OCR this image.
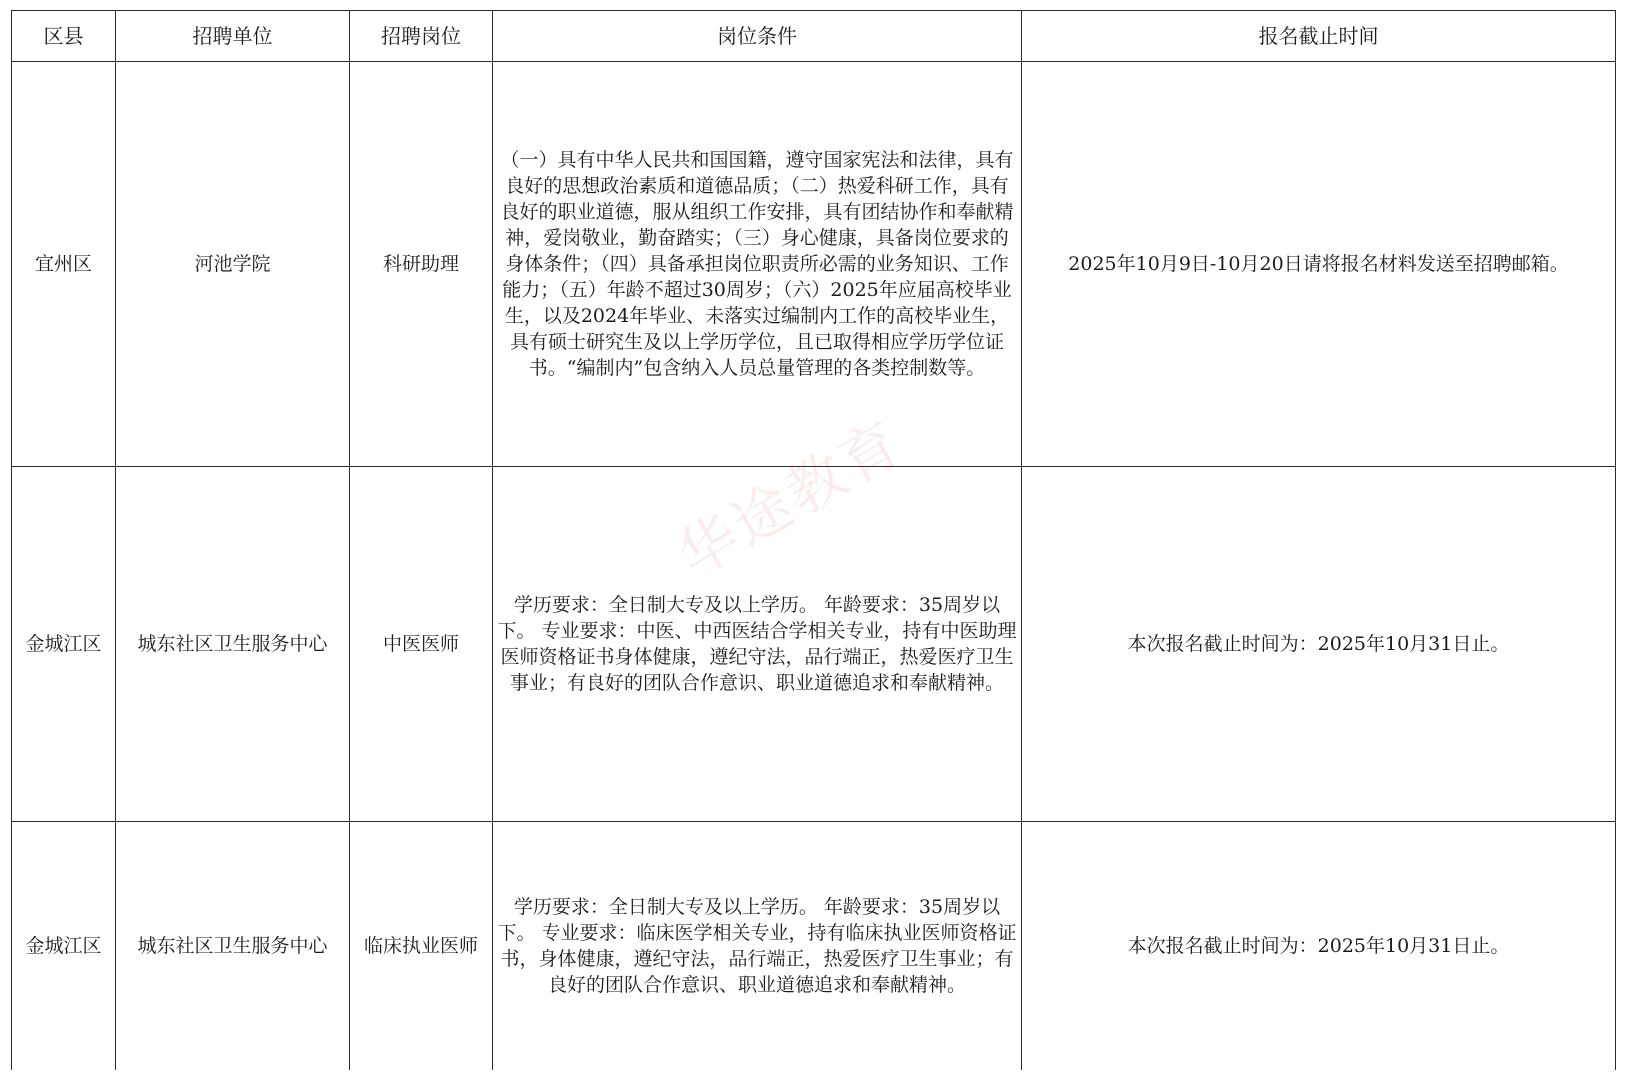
区县	招聘单位	招聘岗位	岗位条件	报名截止时间
宜州区	河池学院	科研助理	（一）具有中华人民共和国国籍，遵守国家宪法和法律，具有良好的思想政治素质和道德品质；（二）热爱科研工作，具有良好的职业道德，服从组织工作安排，具有团结协作和奉献精神，爱岗敬业，勤奋踏实；（三）身心健康，具备岗位要求的身体条件；（四）具备承担岗位职责所必需的业务知识、工作能力；（五）年龄不超过30周岁；（六）2025年应届高校毕业生，以及2024年毕业、未落实过编制内工作的高校毕业生，具有硕士研究生及以上学历学位，且已取得相应学历学位证书。“编制内”包含纳入人员总量管理的各类控制数等。	2025年10月9日-10月20日请将报名材料发送至招聘邮箱。
金城江区	城东社区卫生服务中心	中医医师	学历要求：全日制大专及以上学历。 年龄要求：35周岁以下。 专业要求：中医、中西医结合学相关专业，持有中医助理医师资格证书身体健康，遵纪守法，品行端正，热爱医疗卫生事业；有良好的团队合作意识、职业道德追求和奉献精神。	本次报名截止时间为：2025年10月31日止。
金城江区	城东社区卫生服务中心	临床执业医师	学历要求：全日制大专及以上学历。 年龄要求：35周岁以下。 专业要求：临床医学相关专业，持有临床执业医师资格证书，身体健康，遵纪守法，品行端正，热爱医疗卫生事业；有良好的团队合作意识、职业道德追求和奉献精神。	本次报名截止时间为：2025年10月31日止。
华途教育
